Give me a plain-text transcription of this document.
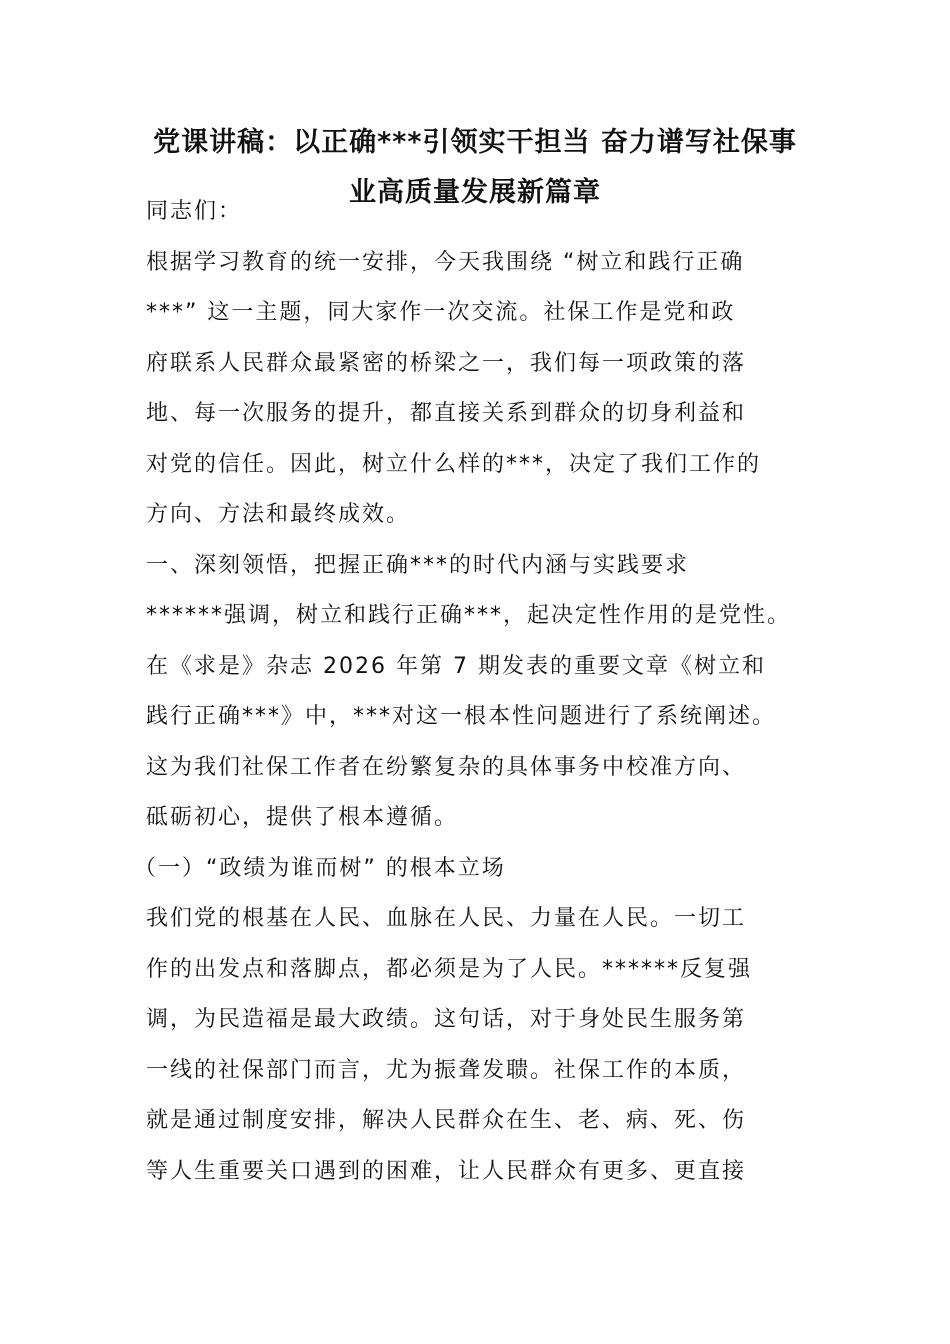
党课讲稿：以正确***引领实干担当 奋力谱写社保事
业高质量发展新篇章
同志们：
根据学习教育的统一安排，今天我围绕 “树立和践行正确
***” 这一主题，同大家作一次交流。社保工作是党和政
府联系人民群众最紧密的桥梁之一，我们每一项政策的落
地、每一次服务的提升，都直接关系到群众的切身利益和
对党的信任。因此，树立什么样的***，决定了我们工作的
方向、方法和最终成效。
一、深刻领悟，把握正确***的时代内涵与实践要求
******强调，树立和践行正确***，起决定性作用的是党性。
在《求是》杂志 2026 年第 7 期发表的重要文章《树立和
践行正确***》中，***对这一根本性问题进行了系统阐述。
这为我们社保工作者在纷繁复杂的具体事务中校准方向、
砥砺初心，提供了根本遵循。
（一）“政绩为谁而树” 的根本立场
我们党的根基在人民、血脉在人民、力量在人民。一切工
作的出发点和落脚点，都必须是为了人民。******反复强
调，为民造福是最大政绩。这句话，对于身处民生服务第
一线的社保部门而言，尤为振聋发聩。社保工作的本质，
就是通过制度安排，解决人民群众在生、老、病、死、伤
等人生重要关口遇到的困难，让人民群众有更多、更直接
